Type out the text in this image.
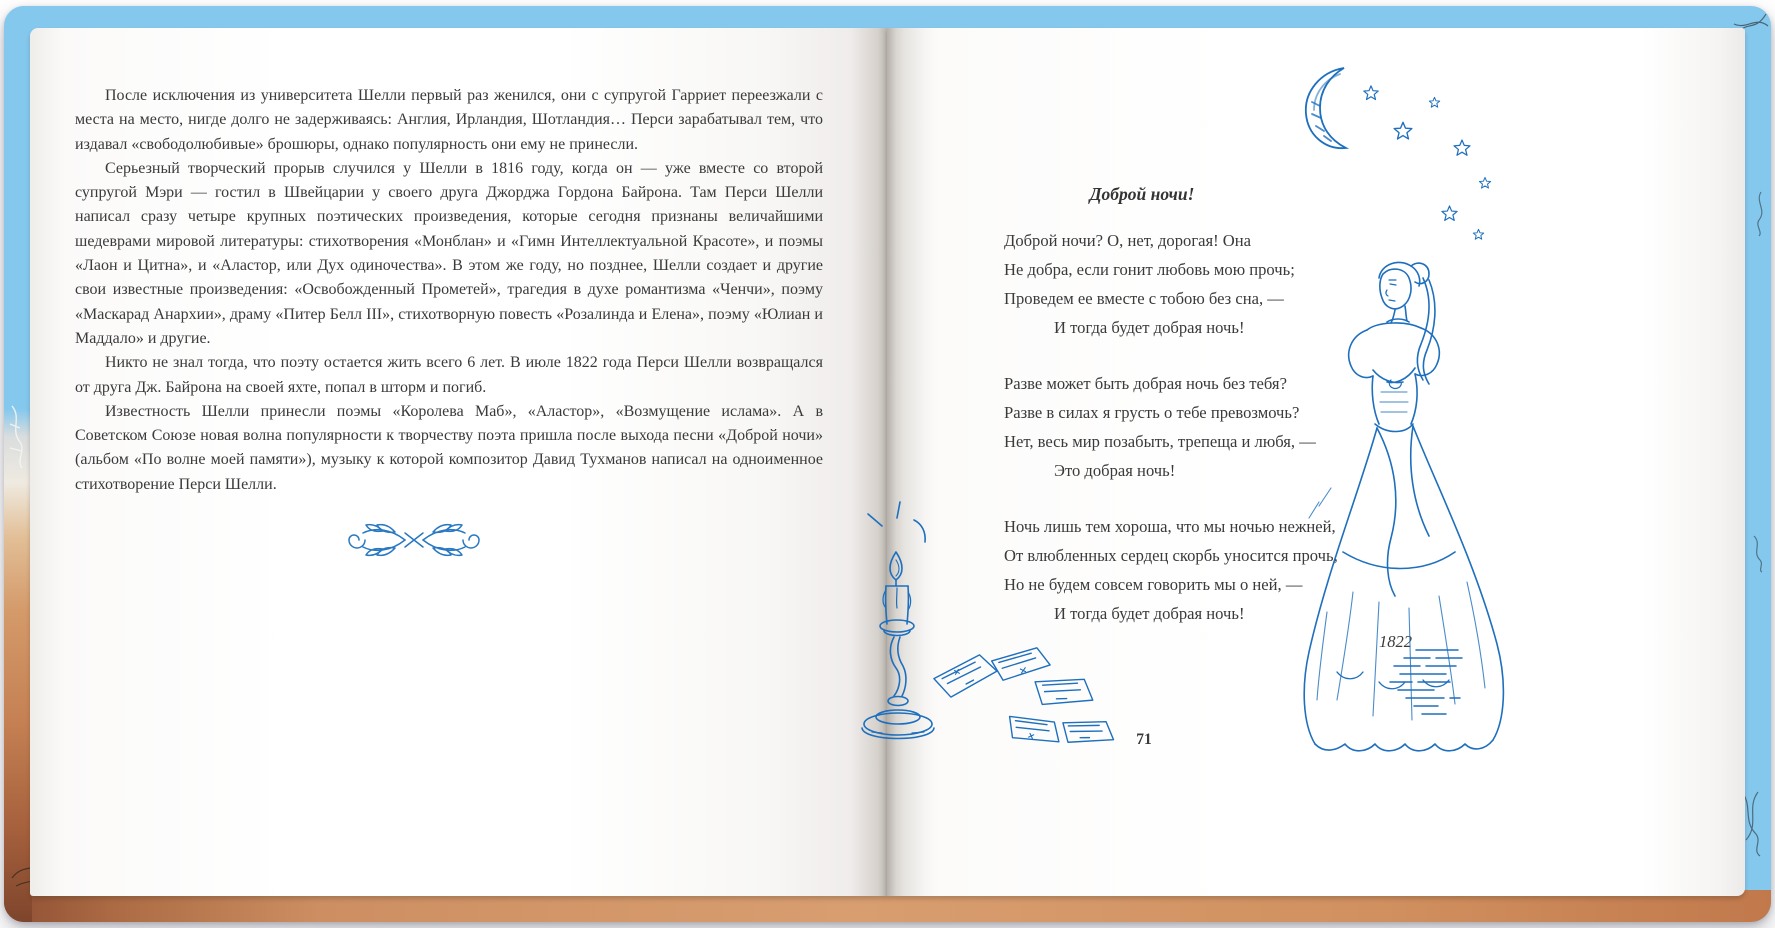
После исключения из университета Шелли первый раз женился, они с супругой Гарриет переезжали с места на место, нигде долго не задерживаясь: Англия, Ирландия, Шотландия… Перси зарабатывал тем, что издавал «свободолюбивые» брошюры, однако популярность они ему не принесли.

Серьезный творческий прорыв случился у Шелли в 1816 году, когда он — уже вместе со второй супругой Мэри — гостил в Швейцарии у своего друга Джорджа Гордона Байрона. Там Перси Шелли написал сразу четыре крупных поэтических произведения, которые сегодня признаны величайшими шедеврами мировой литературы: стихотворения «Монблан» и «Гимн Интеллектуальной Красоте», и поэмы «Лаон и Цитна», и «Аластор, или Дух одиночества». В этом же году, но позднее, Шелли создает и другие свои известные произведения: «Освобожденный Прометей», трагедия в духе романтизма «Ченчи», поэму «Маскарад Анархии», драму «Питер Белл III», стихотворную повесть «Розалинда и Елена», поэму «Юлиан и Маддало» и другие.

Никто не знал тогда, что поэту остается жить всего 6 лет. В июле 1822 года Перси Шелли возвращался от друга Дж. Байрона на своей яхте, попал в шторм и погиб.

Известность Шелли принесли поэмы «Королева Маб», «Аластор», «Возмущение ислама». А в Советском Союзе новая волна популярности к творчеству поэта пришла после выхода песни «Доброй ночи» (альбом «По волне моей памяти»), музыку к которой композитор Давид Тухманов написал на одноименное стихотворение Перси Шелли.

Доброй ночи!
Доброй ночи? О, нет, дорогая! Она
Не добра, если гонит любовь мою прочь;
Проведем ее вместе с тобою без сна, —
И тогда будет добрая ночь!
Разве может быть добрая ночь без тебя?
Разве в силах я грусть о тебе превозмочь?
Нет, весь мир позабыть, трепеща и любя, —
Это добрая ночь!
Ночь лишь тем хороша, что мы ночью нежней,
От влюбленных сердец скорбь уносится прочь,
Но не будем совсем говорить мы о ней, —
И тогда будет добрая ночь!
1822
71
